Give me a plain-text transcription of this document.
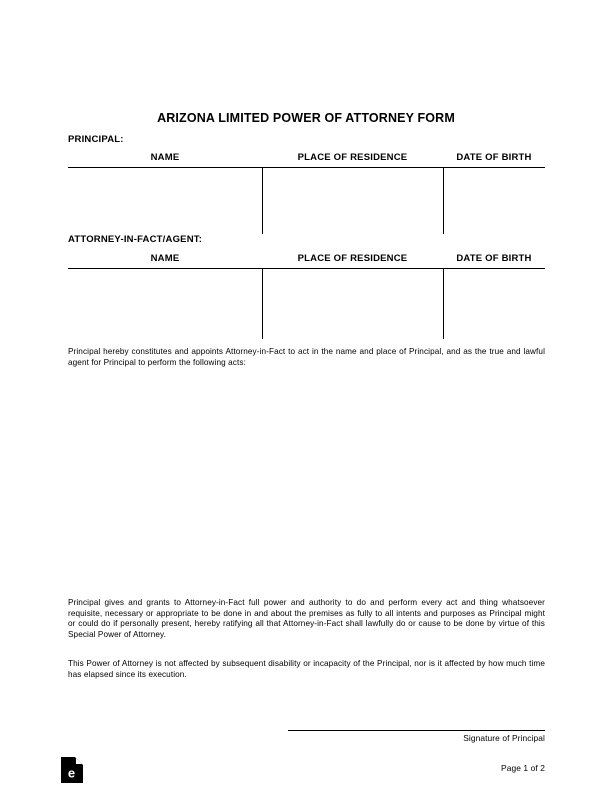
ARIZONA LIMITED POWER OF ATTORNEY FORM
PRINCIPAL:
NAME	PLACE OF RESIDENCE	DATE OF BIRTH
ATTORNEY-IN-FACT/AGENT:
NAME	PLACE OF RESIDENCE	DATE OF BIRTH
Principal hereby constitutes and appoints Attorney-in-Fact to act in the name and place of Principal, and as the true and lawful agent for Principal to perform the following acts:
Principal gives and grants to Attorney-in-Fact full power and authority to do and perform every act and thing whatsoever requisite, necessary or appropriate to be done in and about the premises as fully to all intents and purposes as Principal might or could do if personally present, hereby ratifying all that Attorney-in-Fact shall lawfully do or cause to be done by virtue of this Special Power of Attorney.
This Power of Attorney is not affected by subsequent disability or incapacity of the Principal, nor is it affected by how much time has elapsed since its execution.
Signature of Principal
Page 1 of 2
e
